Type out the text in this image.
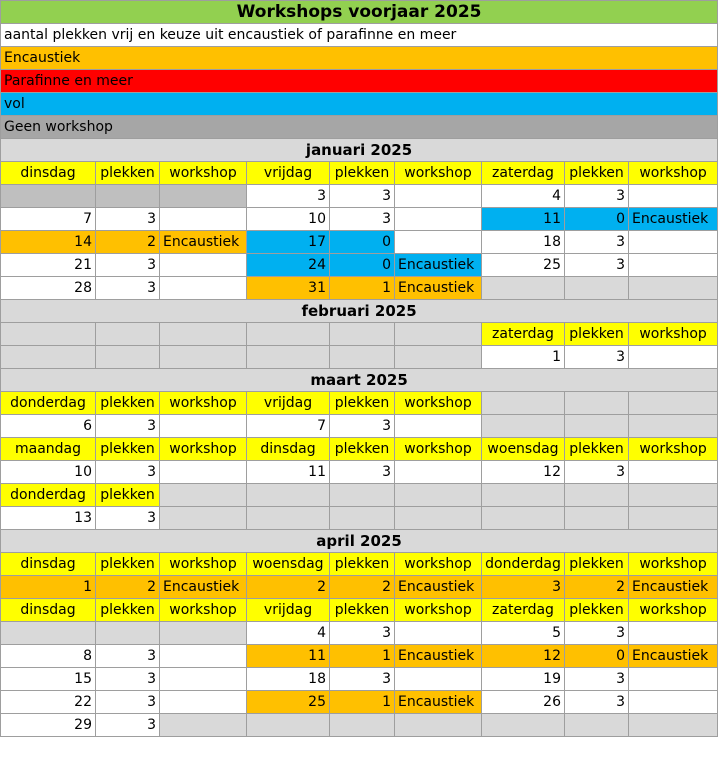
Workshops voorjaar 2025								
aantal plekken vrij en keuze uit encaustiek of parafinne en meer								
Encaustiek								
Parafinne en meer								
vol								
Geen workshop								
januari 2025								
dinsdag	plekken	workshop	vrijdag	plekken	workshop	zaterdag	plekken	workshop
			3	3		4	3	
7	3		10	3		11	0	Encaustiek
14	2	Encaustiek	17	0		18	3	
21	3		24	0	Encaustiek	25	3	
28	3		31	1	Encaustiek			
februari 2025								
						zaterdag	plekken	workshop
						1	3	
maart 2025								
donderdag	plekken	workshop	vrijdag	plekken	workshop			
6	3		7	3				
maandag	plekken	workshop	dinsdag	plekken	workshop	woensdag	plekken	workshop
10	3		11	3		12	3	
donderdag	plekken							
13	3							
april 2025								
dinsdag	plekken	workshop	woensdag	plekken	workshop	donderdag	plekken	workshop
1	2	Encaustiek	2	2	Encaustiek	3	2	Encaustiek
dinsdag	plekken	workshop	vrijdag	plekken	workshop	zaterdag	plekken	workshop
			4	3		5	3	
8	3		11	1	Encaustiek	12	0	Encaustiek
15	3		18	3		19	3	
22	3		25	1	Encaustiek	26	3	
29	3							
